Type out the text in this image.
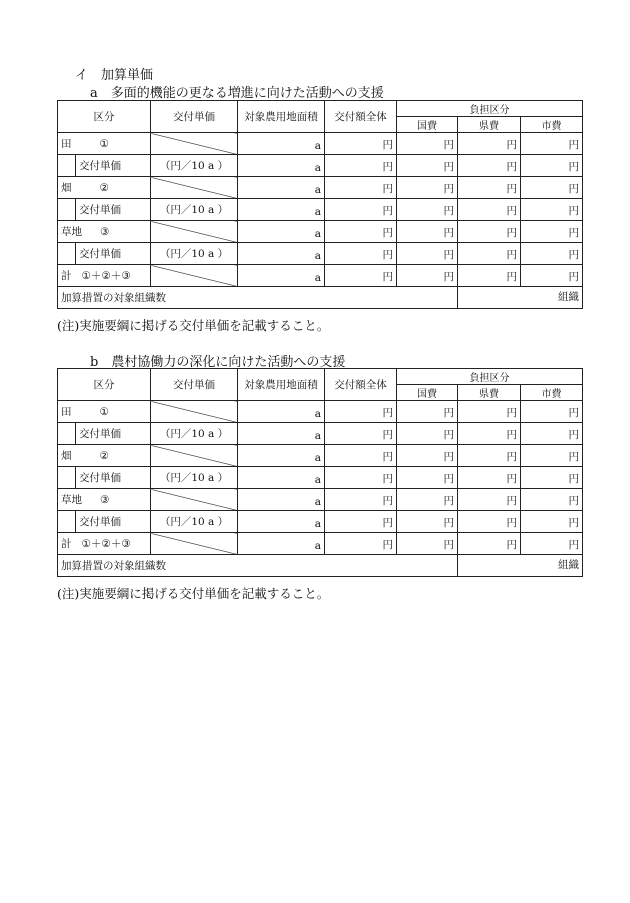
イ　加算単価
a　多面的機能の更なる増進に向けた活動への支援
区分		交付単価	対象農用地面積	交付額全体	負担区分		
					国費	県費	市費
田 ①			a	円	円	円	円
	交付単価	（円／10 a ）	a	円	円	円	円
畑 ②			a	円	円	円	円
	交付単価	（円／10 a ）	a	円	円	円	円
草地 ③			a	円	円	円	円
	交付単価	（円／10 a ）	a	円	円	円	円
計 ①＋②＋③			a	円	円	円	円
加算措置の対象組織数						組織	
(注)実施要綱に掲げる交付単価を記載すること。
b　農村協働力の深化に向けた活動への支援
区分		交付単価	対象農用地面積	交付額全体	負担区分		
					国費	県費	市費
田 ①			a	円	円	円	円
	交付単価	（円／10 a ）	a	円	円	円	円
畑 ②			a	円	円	円	円
	交付単価	（円／10 a ）	a	円	円	円	円
草地 ③			a	円	円	円	円
	交付単価	（円／10 a ）	a	円	円	円	円
計 ①＋②＋③			a	円	円	円	円
加算措置の対象組織数						組織	
(注)実施要綱に掲げる交付単価を記載すること。
